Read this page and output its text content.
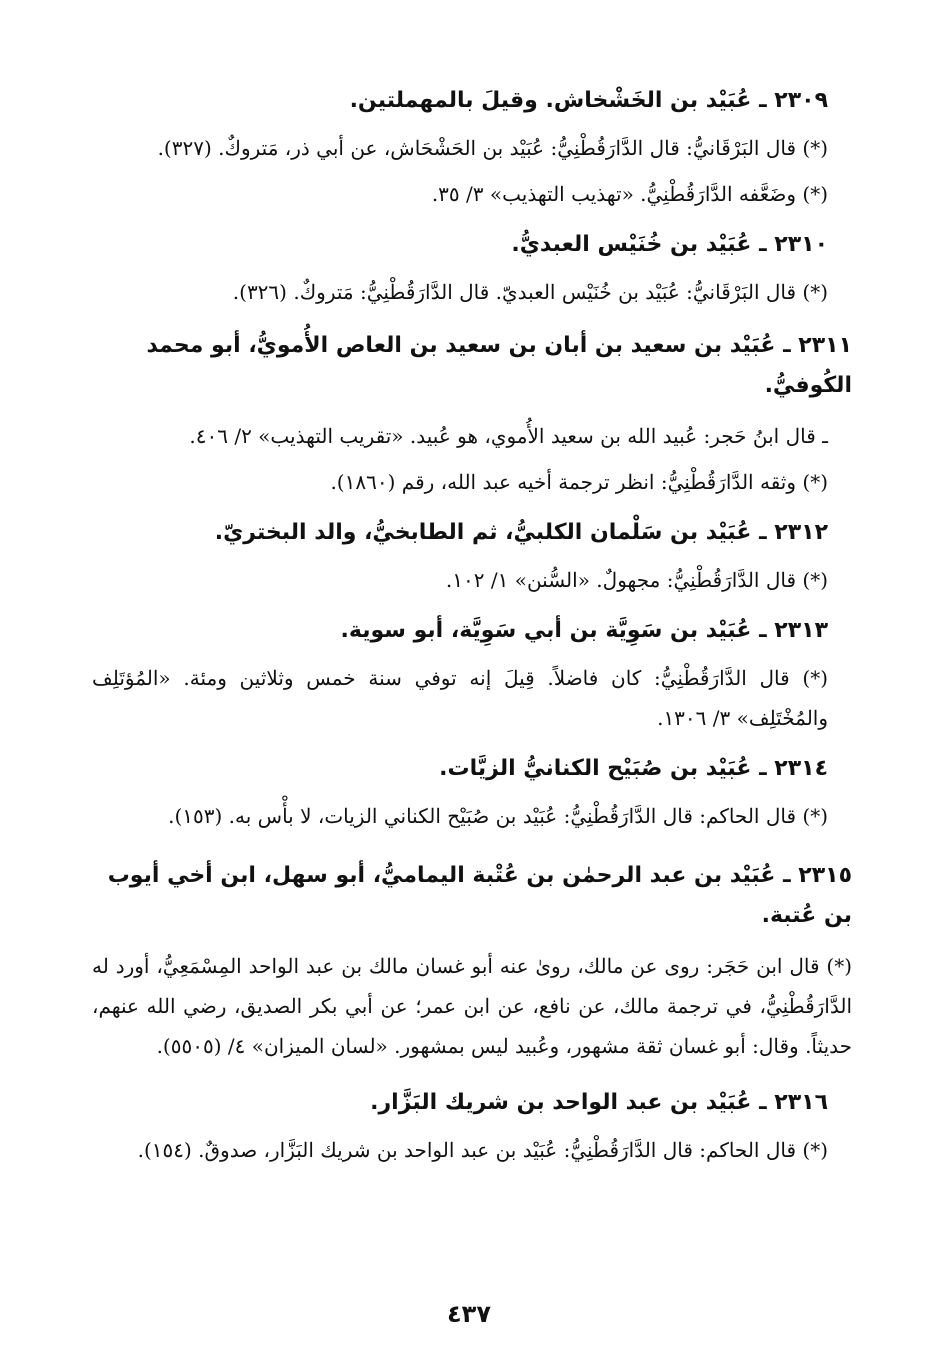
٢٣٠٩ ـ عُبَيْد بن الخَشْخاش. وقيلَ بالمهملتين.
(*) قال البَرْقَانيُّ: قال الدَّارَقُطْنِيُّ: عُبَيْد بن الحَشْحَاش، عن أبي ذر، مَتروكٌ. (٣٢٧).
(*) وضَعَّفه الدَّارَقُطْنِيُّ. «تهذيب التهذيب» ٣/ ٣٥.
٢٣١٠ ـ عُبَيْد بن خُنَيْس العبديُّ.
(*) قال البَرْقَانيُّ: عُبَيْد بن خُنَيْس العبديّ. قال الدَّارَقُطْنِيُّ: مَتروكٌ. (٣٢٦).
٢٣١١ ـ عُبَيْد بن سعيد بن أبان بن سعيد بن العاص الأُمويُّ، أبو محمد الكُوفيُّ.
ـ قال ابنُ حَجر: عُبيد الله بن سعيد الأُموي، هو عُبيد. «تقريب التهذيب» ٢/ ٤٠٦.
(*) وثقه الدَّارَقُطْنِيُّ: انظر ترجمة أخيه عبد الله، رقم (١٨٦٠).
٢٣١٢ ـ عُبَيْد بن سَلْمان الكلبيُّ، ثم الطابخيُّ، والد البختريّ.
(*) قال الدَّارَقُطْنِيُّ: مجهولٌ. «السُّنن» ١/ ١٠٢.
٢٣١٣ ـ عُبَيْد بن سَوِيَّة بن أبي سَوِيَّة، أبو سوية.
(*) قال الدَّارَقُطْنِيُّ: كان فاضلاً. قِيلَ إنه توفي سنة خمس وثلاثين ومئة. «المُؤتَلِف والمُخْتَلِف» ٣/ ١٣٠٦.
٢٣١٤ ـ عُبَيْد بن صُبَيْح الكنانيُّ الزيَّات.
(*) قال الحاكم: قال الدَّارَقُطْنِيُّ: عُبَيْد بن صُبَيْح الكناني الزيات، لا بأْس به. (١٥٣).
٢٣١٥ ـ عُبَيْد بن عبد الرحمٰن بن عُتْبة اليماميُّ، أبو سهل، ابن أخي أيوب بن عُتبة.
(*) قال ابن حَجَر: روى عن مالك، روىٰ عنه أبو غسان مالك بن عبد الواحد المِسْمَعِيُّ، أورد له الدَّارَقُطْنِيُّ، في ترجمة مالك، عن نافع، عن ابن عمر؛ عن أبي بكر الصديق، رضي الله عنهم، حديثاً. وقال: أبو غسان ثقة مشهور، وعُبيد ليس بمشهور. «لسان الميزان» ٤/ (٥٥٠٥).
٢٣١٦ ـ عُبَيْد بن عبد الواحد بن شريك البَزَّار.
(*) قال الحاكم: قال الدَّارَقُطْنِيُّ: عُبَيْد بن عبد الواحد بن شريك البَزَّار، صدوقٌ. (١٥٤).
٤٣٧
